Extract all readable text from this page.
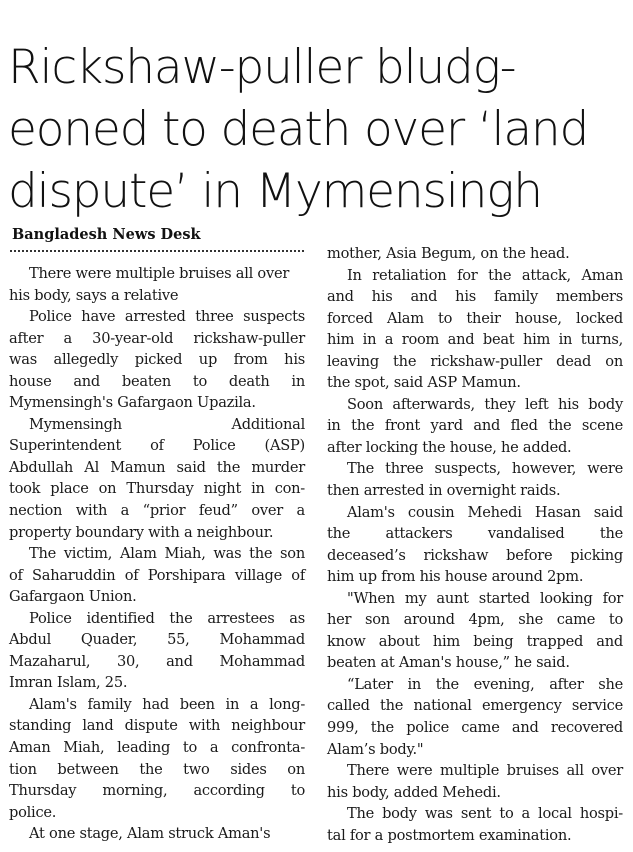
Rickshaw-puller bludg-
eoned to death over ‘land
dispute’ in Mymensingh
Bangladesh News Desk
There were multiple bruises all over
his body, says a relative
Police have arrested three suspects
after a 30-year-old rickshaw-puller
was allegedly picked up from his
house and beaten to death in
Mymensingh's Gafargaon Upazila.
Mymensingh Additional
Superintendent of Police (ASP)
Abdullah Al Mamun said the murder
took place on Thursday night in con-
nection with a “prior feud” over a
property boundary with a neighbour.
The victim, Alam Miah, was the son
of Saharuddin of Porshipara village of
Gafargaon Union.
Police identified the arrestees as
Abdul Quader, 55, Mohammad
Mazaharul, 30, and Mohammad
Imran Islam, 25.
Alam's family had been in a long-
standing land dispute with neighbour
Aman Miah, leading to a confronta-
tion between the two sides on
Thursday morning, according to
police.
At one stage, Alam struck Aman's
mother, Asia Begum, on the head.
In retaliation for the attack, Aman
and his and his family members
forced Alam to their house, locked
him in a room and beat him in turns,
leaving the rickshaw-puller dead on
the spot, said ASP Mamun.
Soon afterwards, they left his body
in the front yard and fled the scene
after locking the house, he added.
The three suspects, however, were
then arrested in overnight raids.
Alam's cousin Mehedi Hasan said
the attackers vandalised the
deceased’s rickshaw before picking
him up from his house around 2pm.
"When my aunt started looking for
her son around 4pm, she came to
know about him being trapped and
beaten at Aman's house,” he said.
“Later in the evening, after she
called the national emergency service
999, the police came and recovered
Alam’s body."
There were multiple bruises all over
his body, added Mehedi.
The body was sent to a local hospi-
tal for a postmortem examination.
